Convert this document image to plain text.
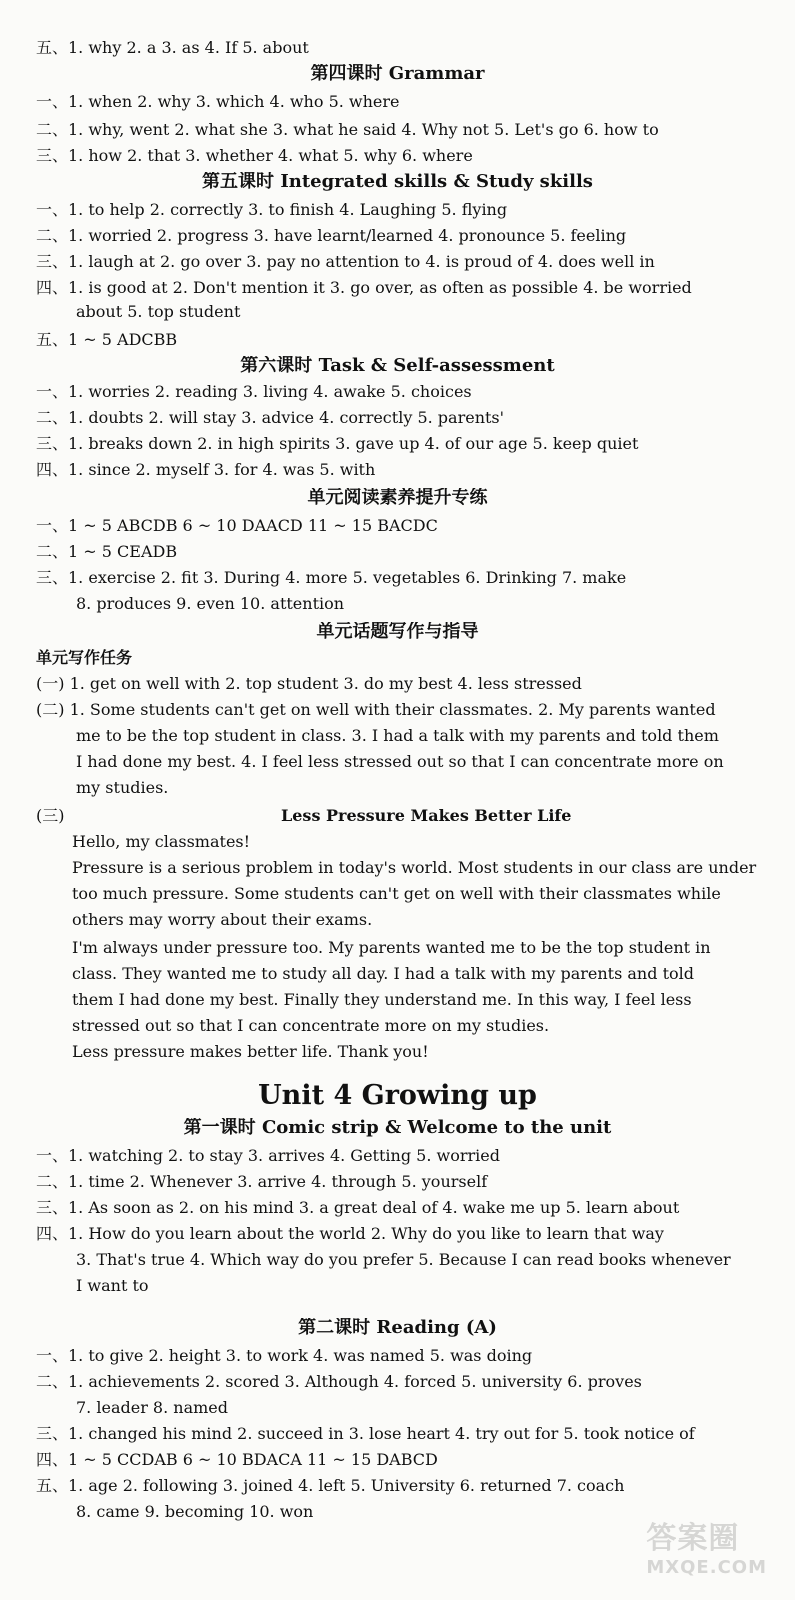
五、1. why 2. a 3. as 4. If 5. about
第四课时 Grammar
一、1. when 2. why 3. which 4. who 5. where
二、1. why, went 2. what she 3. what he said 4. Why not 5. Let's go 6. how to
三、1. how 2. that 3. whether 4. what 5. why 6. where
第五课时 Integrated skills & Study skills
一、1. to help 2. correctly 3. to finish 4. Laughing 5. flying
二、1. worried 2. progress 3. have learnt/learned 4. pronounce 5. feeling
三、1. laugh at 2. go over 3. pay no attention to 4. is proud of 4. does well in
四、1. is good at 2. Don't mention it 3. go over, as often as possible 4. be worried
about 5. top student
五、1 ~ 5 ADCBB
第六课时 Task & Self-assessment
一、1. worries 2. reading 3. living 4. awake 5. choices
二、1. doubts 2. will stay 3. advice 4. correctly 5. parents'
三、1. breaks down 2. in high spirits 3. gave up 4. of our age 5. keep quiet
四、1. since 2. myself 3. for 4. was 5. with
单元阅读素养提升专练
一、1 ~ 5 ABCDB 6 ~ 10 DAACD 11 ~ 15 BACDC
二、1 ~ 5 CEADB
三、1. exercise 2. fit 3. During 4. more 5. vegetables 6. Drinking 7. make
8. produces 9. even 10. attention
单元话题写作与指导
单元写作任务
(一) 1. get on well with 2. top student 3. do my best 4. less stressed
(二) 1. Some students can't get on well with their classmates. 2. My parents wanted
me to be the top student in class. 3. I had a talk with my parents and told them
I had done my best. 4. I feel less stressed out so that I can concentrate more on
my studies.
Hello, my classmates!
Pressure is a serious problem in today's world. Most students in our class are under
too much pressure. Some students can't get on well with their classmates while
others may worry about their exams.
I'm always under pressure too. My parents wanted me to be the top student in
class. They wanted me to study all day. I had a talk with my parents and told
them I had done my best. Finally they understand me. In this way, I feel less
stressed out so that I can concentrate more on my studies.
Less pressure makes better life. Thank you!
第一课时 Comic strip & Welcome to the unit
一、1. watching 2. to stay 3. arrives 4. Getting 5. worried
二、1. time 2. Whenever 3. arrive 4. through 5. yourself
三、1. As soon as 2. on his mind 3. a great deal of 4. wake me up 5. learn about
四、1. How do you learn about the world 2. Why do you like to learn that way
3. That's true 4. Which way do you prefer 5. Because I can read books whenever
I want to
第二课时 Reading (A)
一、1. to give 2. height 3. to work 4. was named 5. was doing
二、1. achievements 2. scored 3. Although 4. forced 5. university 6. proves
7. leader 8. named
三、1. changed his mind 2. succeed in 3. lose heart 4. try out for 5. took notice of
四、1 ~ 5 CCDAB 6 ~ 10 BDACA 11 ~ 15 DABCD
五、1. age 2. following 3. joined 4. left 5. University 6. returned 7. coach
8. came 9. becoming 10. won
(三)	Less Pressure Makes Better Life
Unit 4 Growing up
答案圈
MXQE.COM
